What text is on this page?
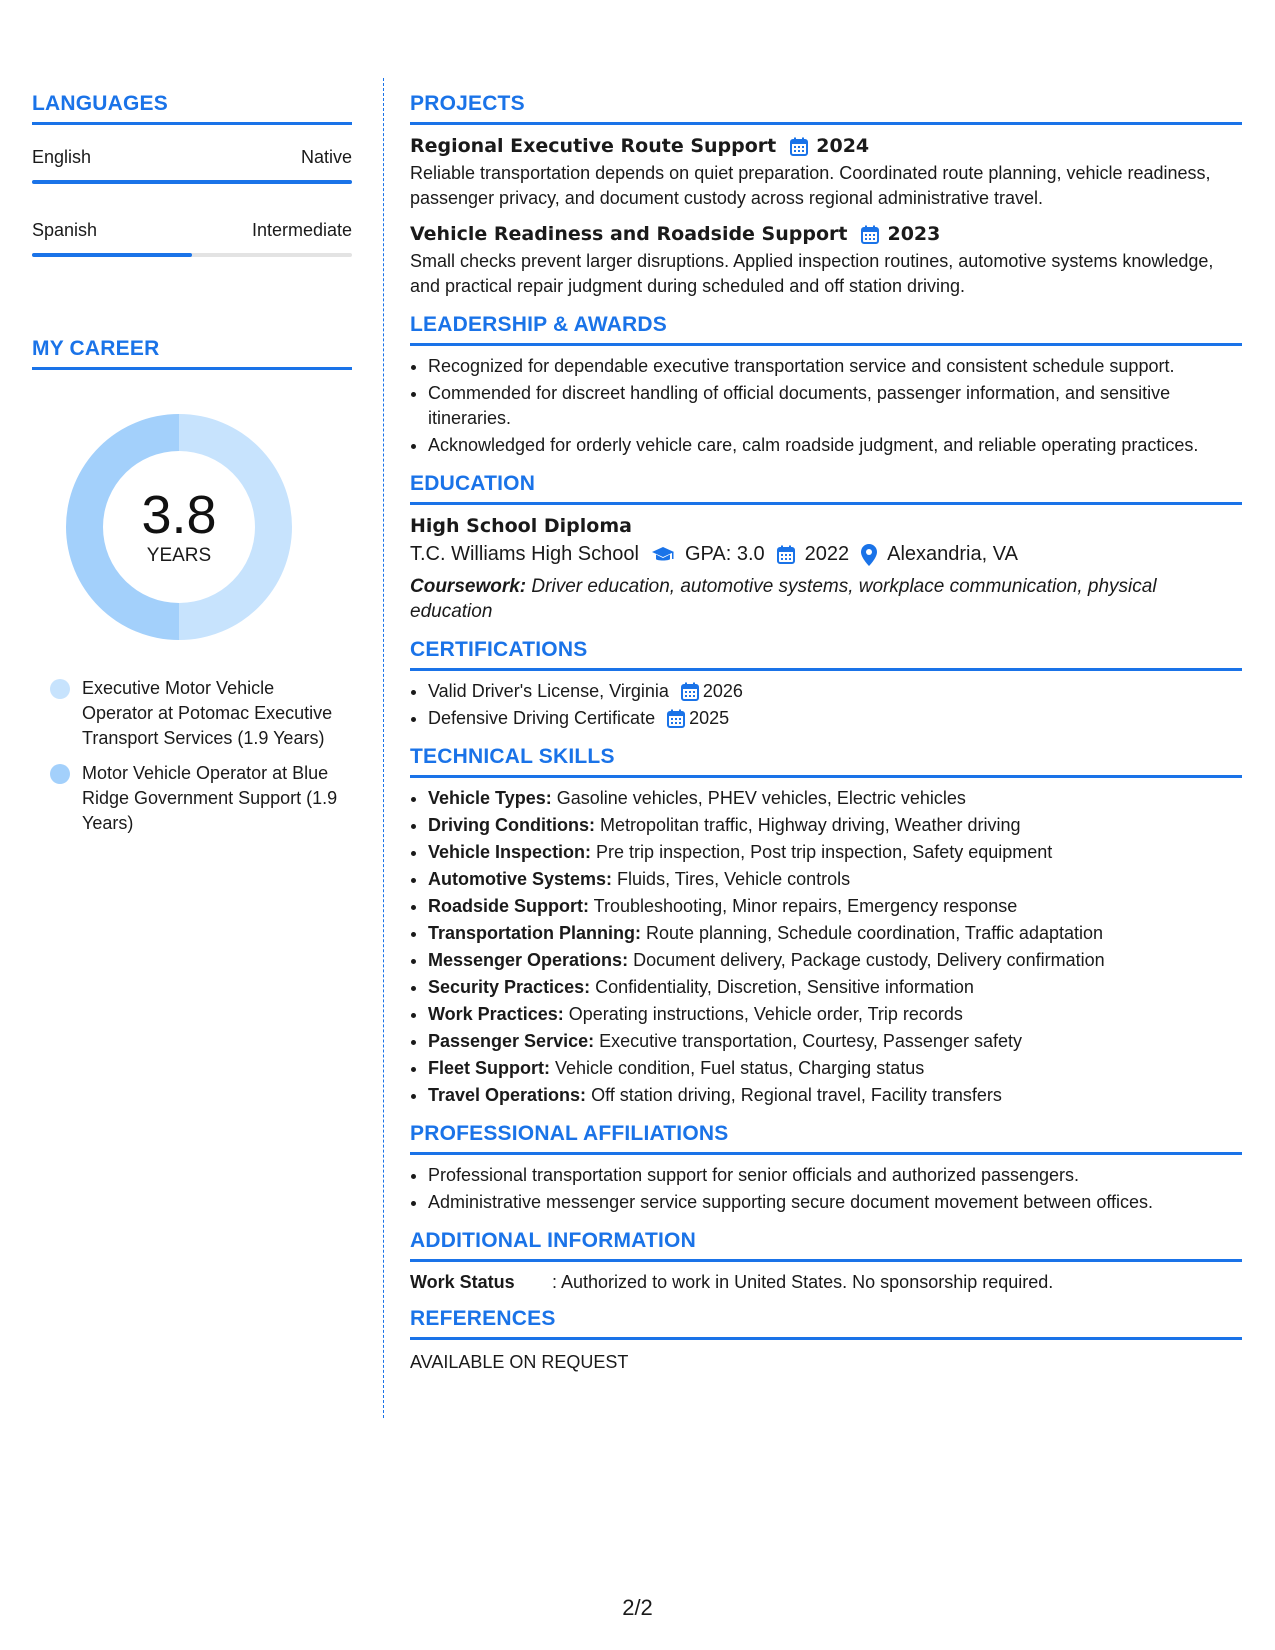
LANGUAGES
English	Native
Spanish	Intermediate
MY CAREER
3.8
YEARS
Executive Motor Vehicle Operator at Potomac Executive Transport Services (1.9 Years)
Motor Vehicle Operator at Blue Ridge Government Support (1.9 Years)
PROJECTS
Regional Executive Route Support 2024
Reliable transportation depends on quiet preparation. Coordinated route planning, vehicle readiness, passenger privacy, and document custody across regional administrative travel.
Vehicle Readiness and Roadside Support 2023
Small checks prevent larger disruptions. Applied inspection routines, automotive systems knowledge, and practical repair judgment during scheduled and off station driving.
LEADERSHIP & AWARDS
• Recognized for dependable executive transportation service and consistent schedule support.
• Commended for discreet handling of official documents, passenger information, and sensitive itineraries.
• Acknowledged for orderly vehicle care, calm roadside judgment, and reliable operating practices.
EDUCATION
High School Diploma
T.C. Williams High School GPA: 3.0 2022 Alexandria, VA
Coursework: Driver education, automotive systems, workplace communication, physical education
CERTIFICATIONS
• Valid Driver's License, Virginia 2026
• Defensive Driving Certificate 2025
TECHNICAL SKILLS
• Vehicle Types: Gasoline vehicles, PHEV vehicles, Electric vehicles
• Driving Conditions: Metropolitan traffic, Highway driving, Weather driving
• Vehicle Inspection: Pre trip inspection, Post trip inspection, Safety equipment
• Automotive Systems: Fluids, Tires, Vehicle controls
• Roadside Support: Troubleshooting, Minor repairs, Emergency response
• Transportation Planning: Route planning, Schedule coordination, Traffic adaptation
• Messenger Operations: Document delivery, Package custody, Delivery confirmation
• Security Practices: Confidentiality, Discretion, Sensitive information
• Work Practices: Operating instructions, Vehicle order, Trip records
• Passenger Service: Executive transportation, Courtesy, Passenger safety
• Fleet Support: Vehicle condition, Fuel status, Charging status
• Travel Operations: Off station driving, Regional travel, Facility transfers
PROFESSIONAL AFFILIATIONS
• Professional transportation support for senior officials and authorized passengers.
• Administrative messenger service supporting secure document movement between offices.
ADDITIONAL INFORMATION
Work Status	: Authorized to work in United States. No sponsorship required.
REFERENCES
AVAILABLE ON REQUEST
2/2
